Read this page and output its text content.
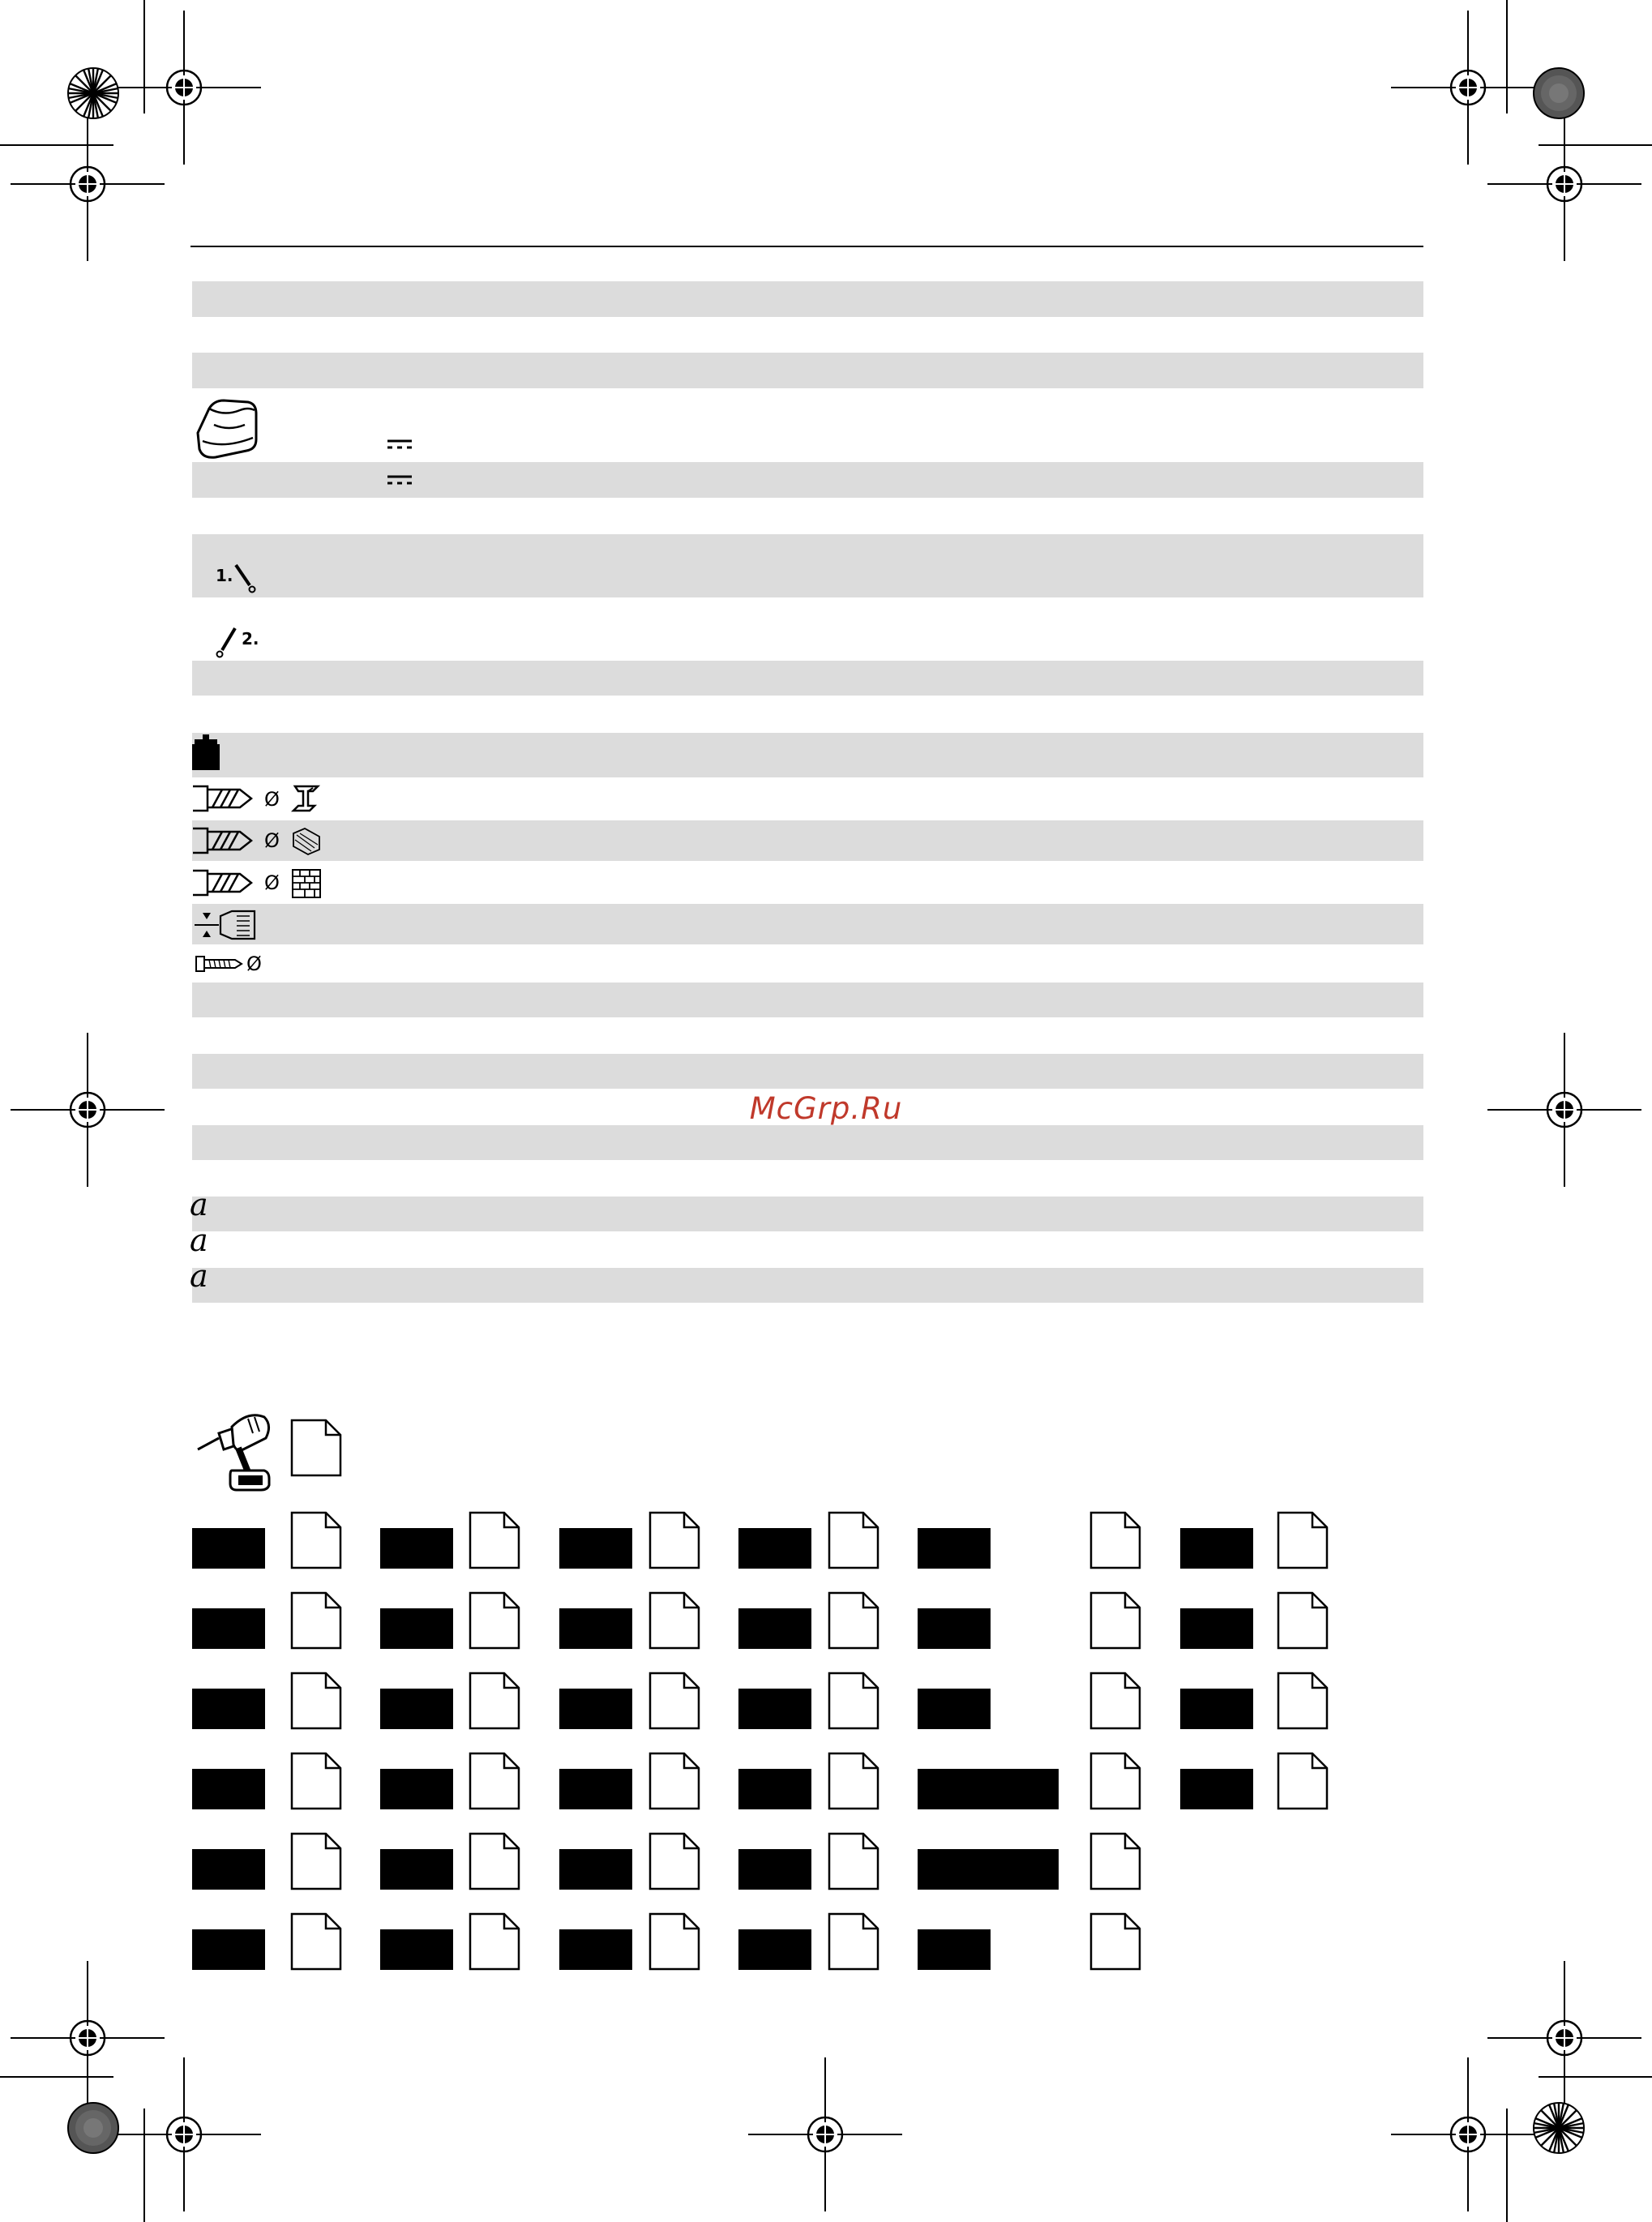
1.
2.
Ø
Ø
Ø
Ø
a
a
a
McGrp.Ru
